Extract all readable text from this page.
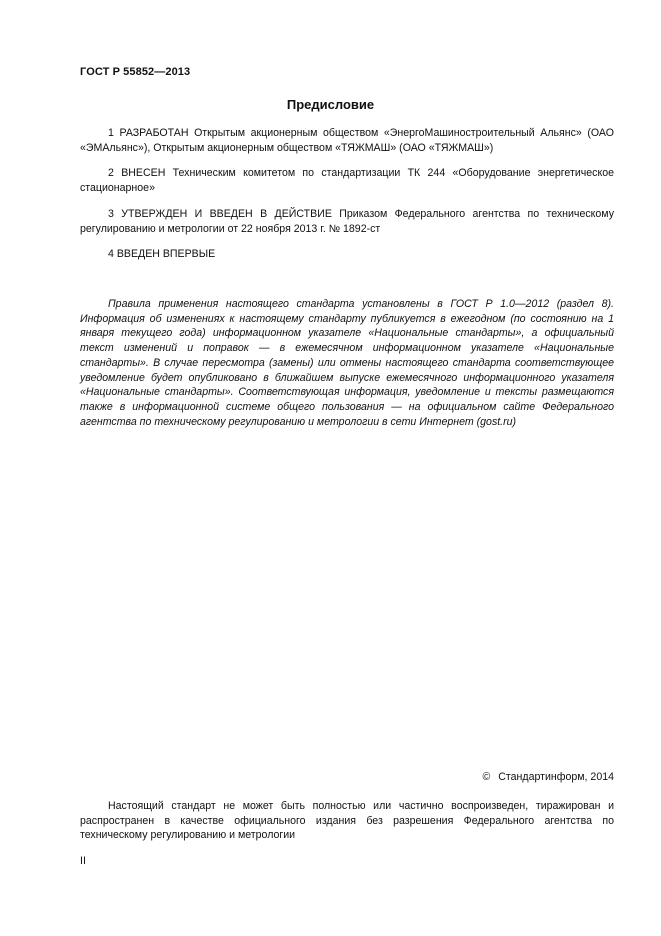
ГОСТ Р 55852—2013
Предисловие

1 РАЗРАБОТАН Открытым акционерным обществом «ЭнергоМашиностроительный Альянс» (ОАО «ЭМАльянс»), Открытым акционерным обществом «ТЯЖМАШ» (ОАО «ТЯЖМАШ»)

2 ВНЕСЕН Техническим комитетом по стандартизации ТК 244 «Оборудование энергетическое стационарное»

3 УТВЕРЖДЕН И ВВЕДЕН В ДЕЙСТВИЕ Приказом Федерального агентства по техническому регулированию и метрологии от 22 ноября 2013 г. № 1892-ст

4 ВВЕДЕН ВПЕРВЫЕ

Правила применения настоящего стандарта установлены в ГОСТ Р 1.0—2012 (раздел 8). Информация об изменениях к настоящему стандарту публикуется в ежегодном (по состоянию на 1 января текущего года) информационном указателе «Национальные стандарты», а официальный текст изменений и поправок — в ежемесячном информационном указателе «Национальные стандарты». В случае пересмотра (замены) или отмены настоящего стандарта соответствующее уведомление будет опубликовано в ближайшем выпуске ежемесячного информационного указателя «Национальные стандарты». Соответствующая информация, уведомление и тексты размещаются также в информационной системе общего пользования — на официальном сайте Федерального агентства по техническому регулированию и метрологии в сети Интернет (gost.ru)

© Стандартинформ, 2014

Настоящий стандарт не может быть полностью или частично воспроизведен, тиражирован и распространен в качестве официального издания без разрешения Федерального агентства по техническому регулированию и метрологии

II
